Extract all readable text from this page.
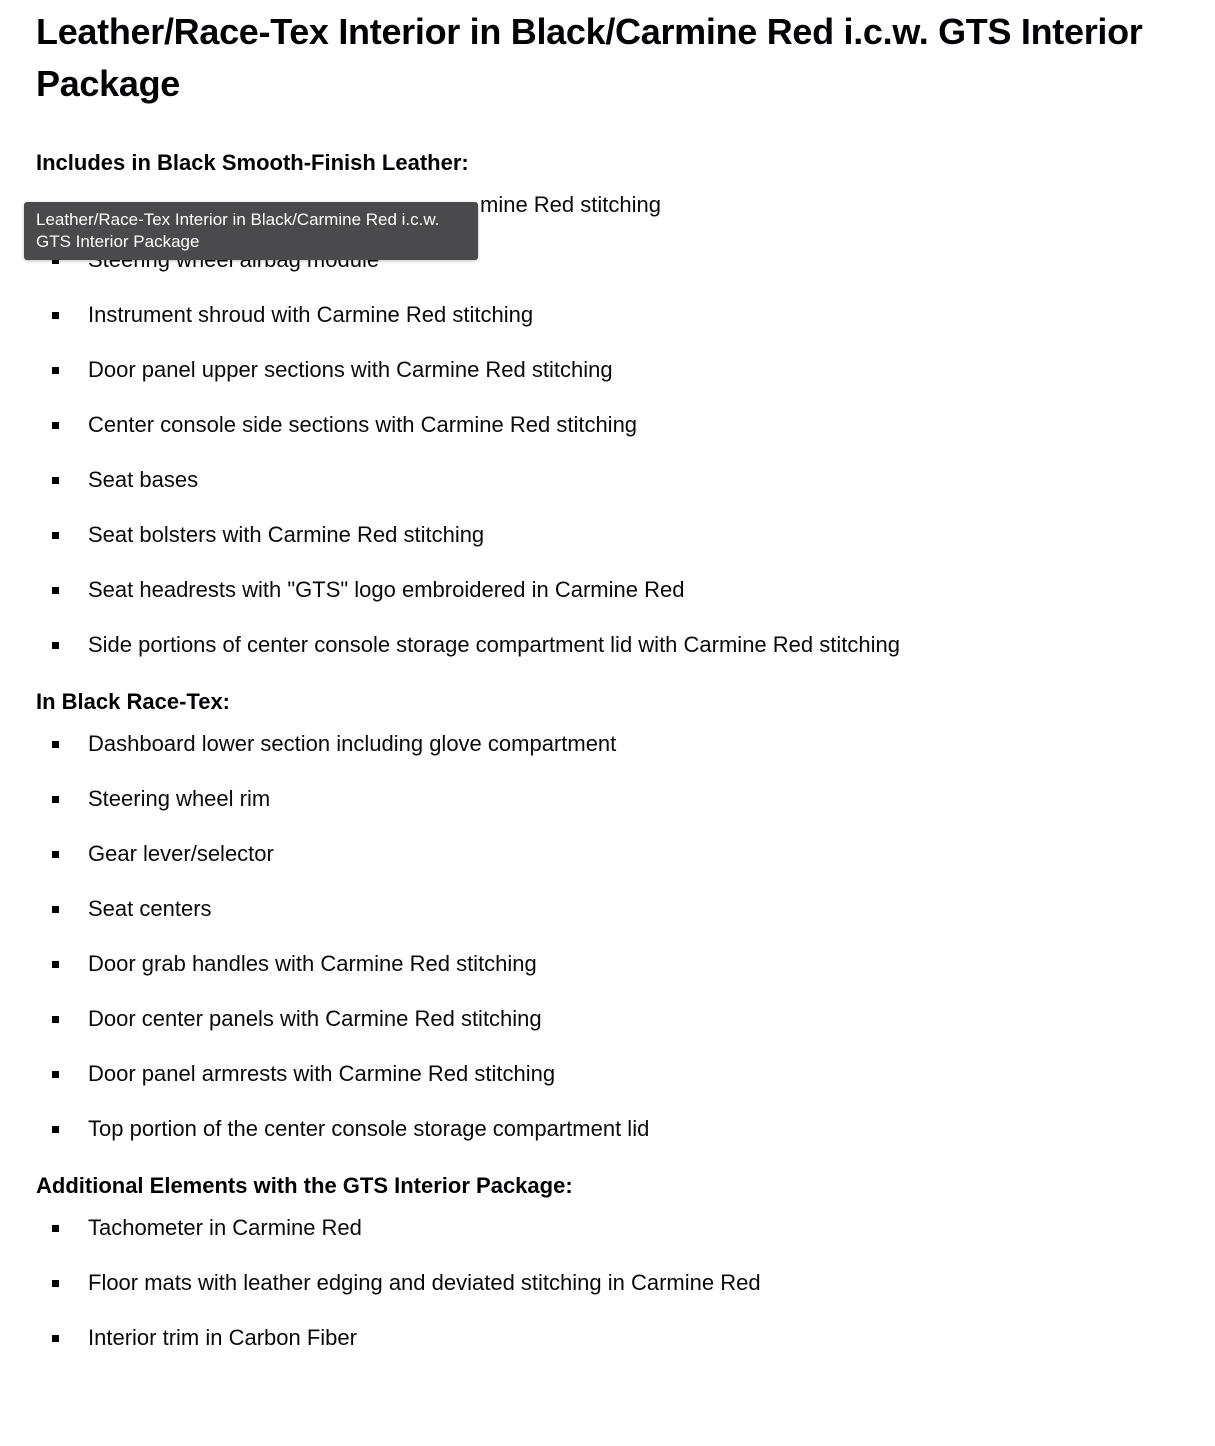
Leather/Race-Tex Interior in Black/Carmine Red i.c.w. GTS Interior Package
Leather/Race-Tex Interior in Black/Carmine Red i.c.w. GTS Interior Package
Includes in Black Smooth-Finish Leather:
mine Red stitching
Instrument shroud with Carmine Red stitching
Door panel upper sections with Carmine Red stitching
Center console side sections with Carmine Red stitching
Seat bases
Seat bolsters with Carmine Red stitching
Seat headrests with "GTS" logo embroidered in Carmine Red
Side portions of center console storage compartment lid with Carmine Red stitching
In Black Race-Tex:
Dashboard lower section including glove compartment
Steering wheel rim
Gear lever/selector
Seat centers
Door grab handles with Carmine Red stitching
Door center panels with Carmine Red stitching
Door panel armrests with Carmine Red stitching
Top portion of the center console storage compartment lid
Additional Elements with the GTS Interior Package:
Tachometer in Carmine Red
Floor mats with leather edging and deviated stitching in Carmine Red
Interior trim in Carbon Fiber
